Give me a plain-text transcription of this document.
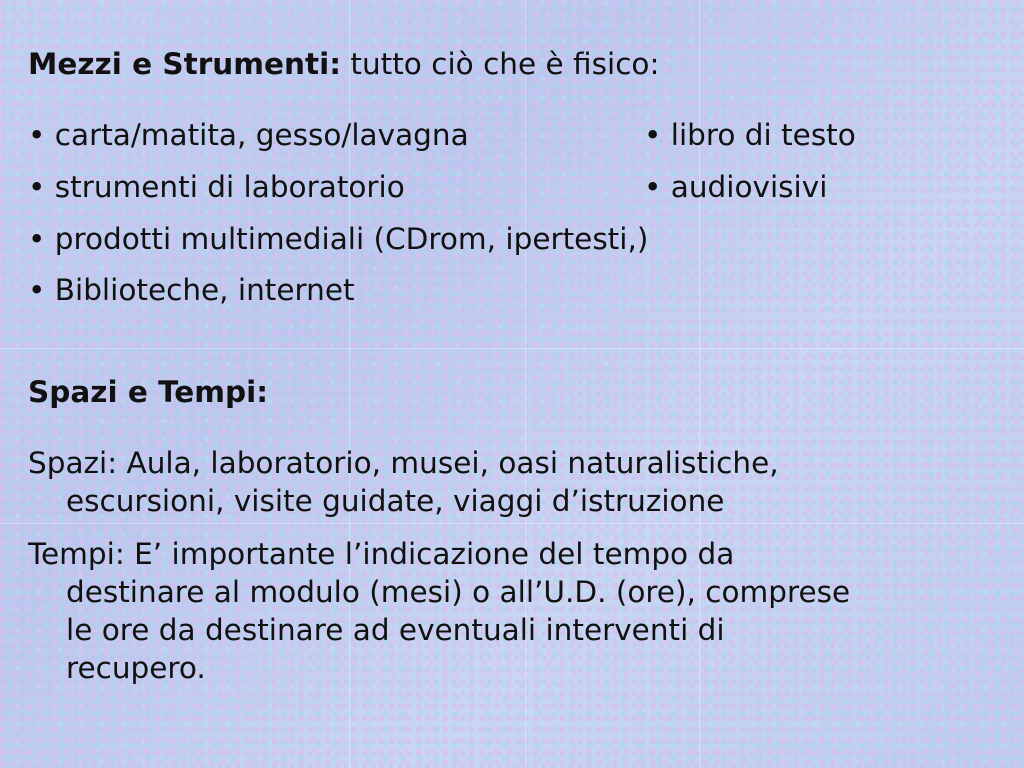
Mezzi e Strumenti: tutto ciò che è fisico:
• carta/matita, gesso/lavagna	• libro di testo
• strumenti di laboratorio	• audiovisivi
• prodotti multimediali (CDrom, ipertesti,)
• Biblioteche, internet
Spazi e Tempi:
Spazi: Aula, laboratorio, musei, oasi naturalistiche,
escursioni, visite guidate, viaggi d’istruzione
Tempi: E’ importante l’indicazione del tempo da
destinare al modulo (mesi) o all’U.D. (ore), comprese
le ore da destinare ad eventuali interventi di
recupero.
